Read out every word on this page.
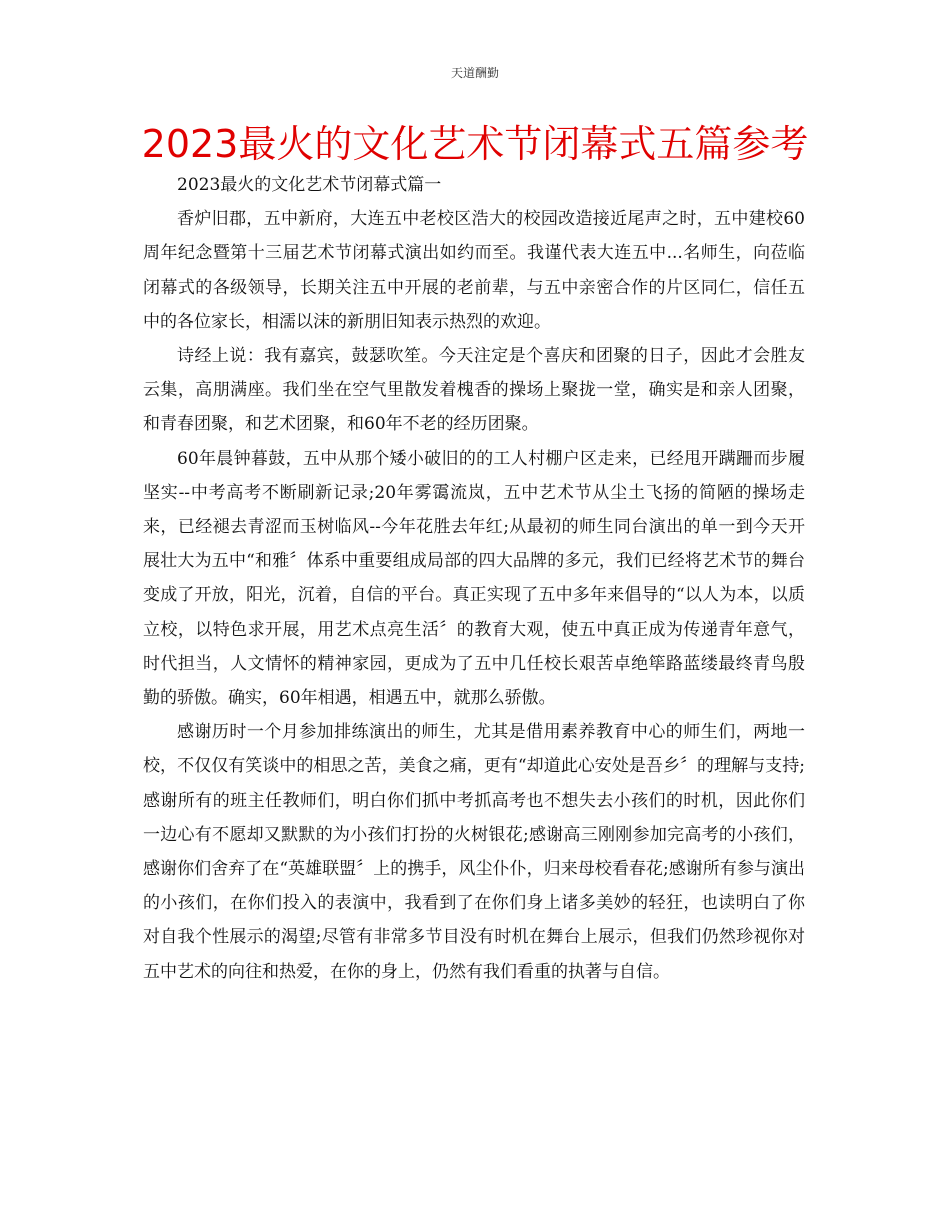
天道酬勤
2023最火的文化艺术节闭幕式五篇参考

2023最火的文化艺术节闭幕式篇一

香炉旧郡，五中新府，大连五中老校区浩大的校园改造接近尾声之时，五中建校60周年纪念暨第十三届艺术节闭幕式演出如约而至。我谨代表大连五中...名师生，向莅临闭幕式的各级领导，长期关注五中开展的老前辈，与五中亲密合作的片区同仁，信任五中的各位家长，相濡以沫的新朋旧知表示热烈的欢迎。

诗经上说：我有嘉宾，鼓瑟吹笙。今天注定是个喜庆和团聚的日子，因此才会胜友云集，高朋满座。我们坐在空气里散发着槐香的操场上聚拢一堂，确实是和亲人团聚，和青春团聚，和艺术团聚，和60年不老的经历团聚。

60年晨钟暮鼓，五中从那个矮小破旧的的工人村棚户区走来，已经甩开蹒跚而步履坚实--中考高考不断刷新记录;20年雾霭流岚，五中艺术节从尘土飞扬的简陋的操场走来，已经褪去青涩而玉树临风--今年花胜去年红;从最初的师生同台演出的单一到今天开展壮大为五中“和雅〞体系中重要组成局部的四大品牌的多元，我们已经将艺术节的舞台变成了开放，阳光，沉着，自信的平台。真正实现了五中多年来倡导的“以人为本，以质立校，以特色求开展，用艺术点亮生活〞的教育大观，使五中真正成为传递青年意气，时代担当，人文情怀的精神家园，更成为了五中几任校长艰苦卓绝筚路蓝缕最终青鸟殷勤的骄傲。确实，60年相遇，相遇五中，就那么骄傲。

感谢历时一个月参加排练演出的师生，尤其是借用素养教育中心的师生们，两地一校，不仅仅有笑谈中的相思之苦，美食之痛，更有“却道此心安处是吾乡〞的理解与支持;感谢所有的班主任教师们，明白你们抓中考抓高考也不想失去小孩们的时机，因此你们一边心有不愿却又默默的为小孩们打扮的火树银花;感谢高三刚刚参加完高考的小孩们，感谢你们舍弃了在“英雄联盟〞上的携手，风尘仆仆，归来母校看春花;感谢所有参与演出的小孩们，在你们投入的表演中，我看到了在你们身上诸多美妙的轻狂，也读明白了你对自我个性展示的渴望;尽管有非常多节目没有时机在舞台上展示，但我们仍然珍视你对五中艺术的向往和热爱，在你的身上，仍然有我们看重的执著与自信。
